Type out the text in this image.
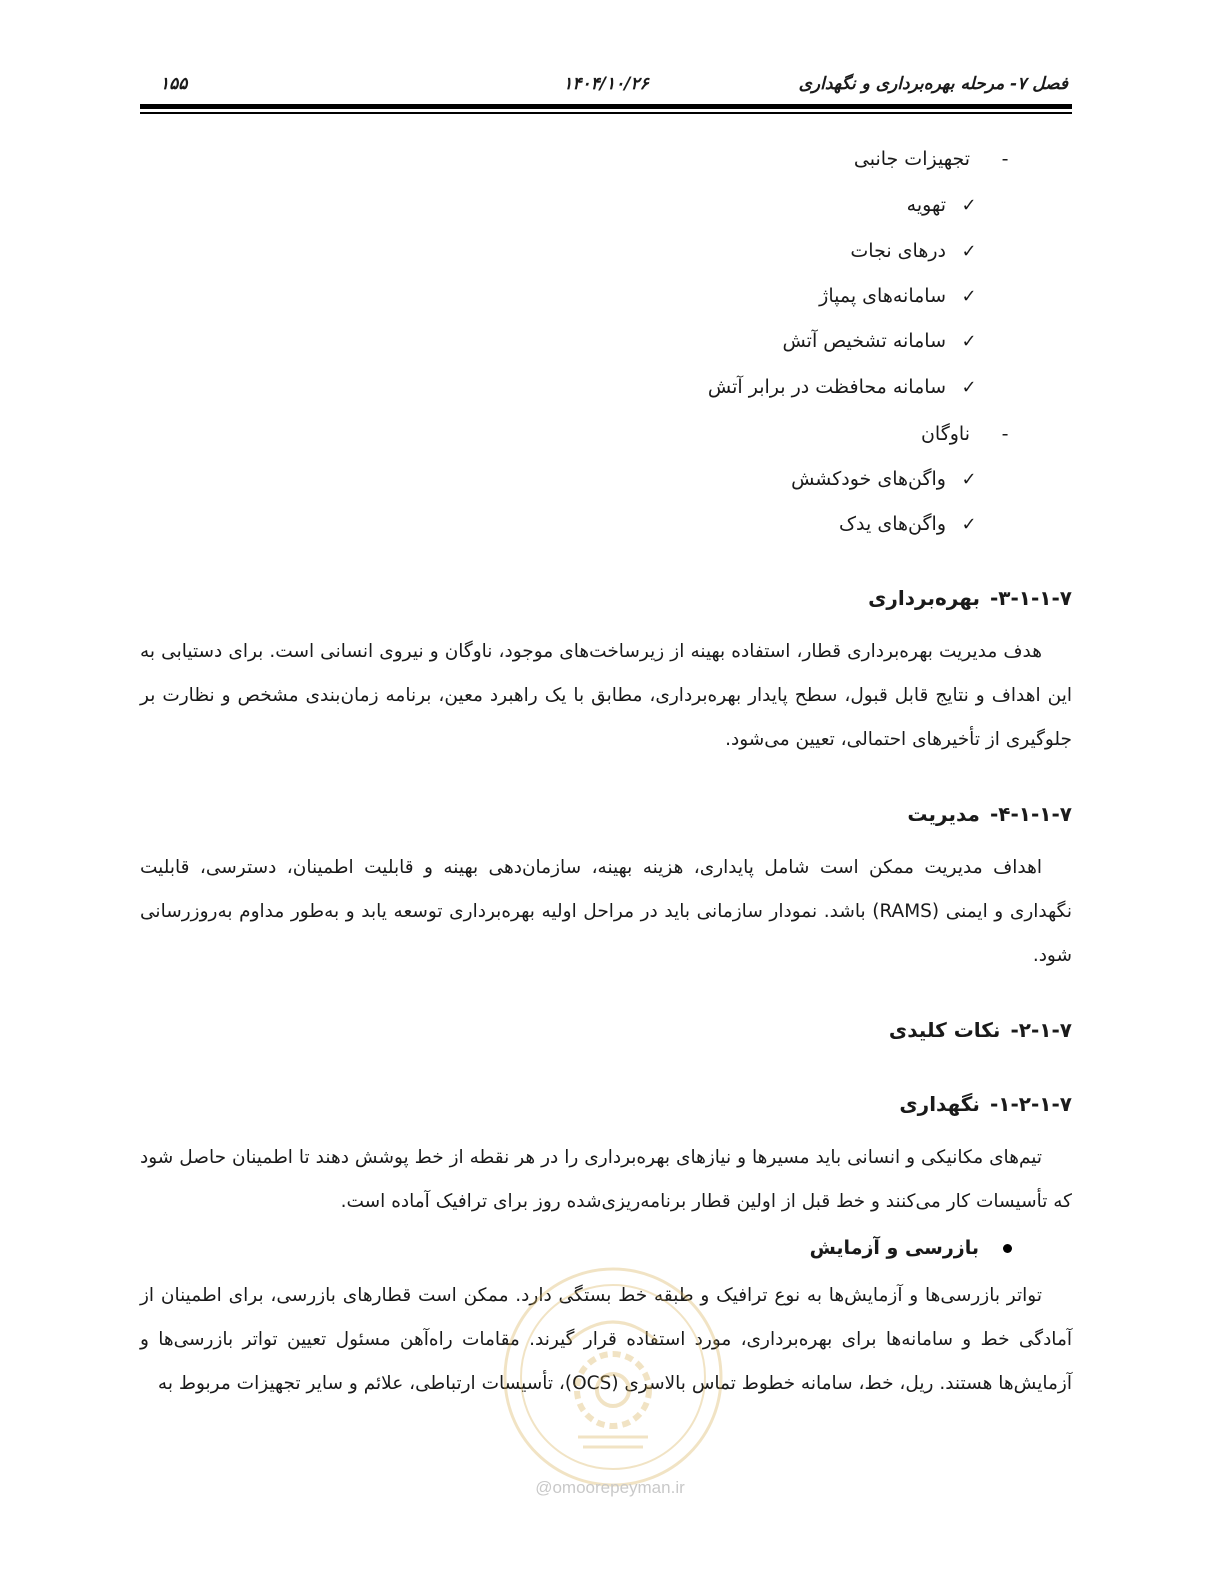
فصل ۷- مرحله بهره‌برداری و نگهداری
۱۴۰۴/۱۰/۲۶
۱۵۵
-
تجهیزات جانبی
✓
تهویه
✓
درهای نجات
✓
سامانه‌های پمپاژ
✓
سامانه تشخیص آتش
✓
سامانه محافظت در برابر آتش
-
ناوگان
✓
واگن‌های خودکشش
✓
واگن‌های یدک
۳-۱-۱-۷-بهره‌برداری

هدف مدیریت بهره‌برداری قطار، استفاده بهینه از زیرساخت‌های موجود، ناوگان و نیروی انسانی است. برای دستیابی به این اهداف و نتایج قابل قبول، سطح پایدار بهره‌برداری، مطابق با یک راهبرد معین، برنامه زمان‌بندی مشخص و نظارت بر جلوگیری از تأخیرهای احتمالی، تعیین می‌شود.

۴-۱-۱-۷-مدیریت

اهداف مدیریت ممکن است شامل پایداری، هزینه بهینه، سازمان‌دهی بهینه و قابلیت اطمینان، دسترسی، قابلیت نگهداری و ایمنی (RAMS) باشد. نمودار سازمانی باید در مراحل اولیه بهره‌برداری توسعه یابد و به‌طور مداوم به‌روزرسانی شود.

۲-۱-۷-نکات کلیدی
۱-۲-۱-۷-نگهداری

تیم‌های مکانیکی و انسانی باید مسیرها و نیازهای بهره‌برداری را در هر نقطه از خط پوشش دهند تا اطمینان حاصل شود که تأسیسات کار می‌کنند و خط قبل از اولین قطار برنامه‌ریزی‌شده روز برای ترافیک آماده است.

بازرسی و آزمایش

تواتر بازرسی‌ها و آزمایش‌ها به نوع ترافیک و طبقه خط بستگی دارد. ممکن است قطارهای بازرسی، برای اطمینان از آمادگی خط و سامانه‌ها برای بهره‌برداری، مورد استفاده قرار گیرند. مقامات راه‌آهن مسئول تعیین تواتر بازرسی‌ها و آزمایش‌ها هستند. ریل، خط، سامانه خطوط تماس بالاسری (OCS)، تأسیسات ارتباطی، علائم و سایر تجهیزات مربوط به

@omoorepeyman.ir
